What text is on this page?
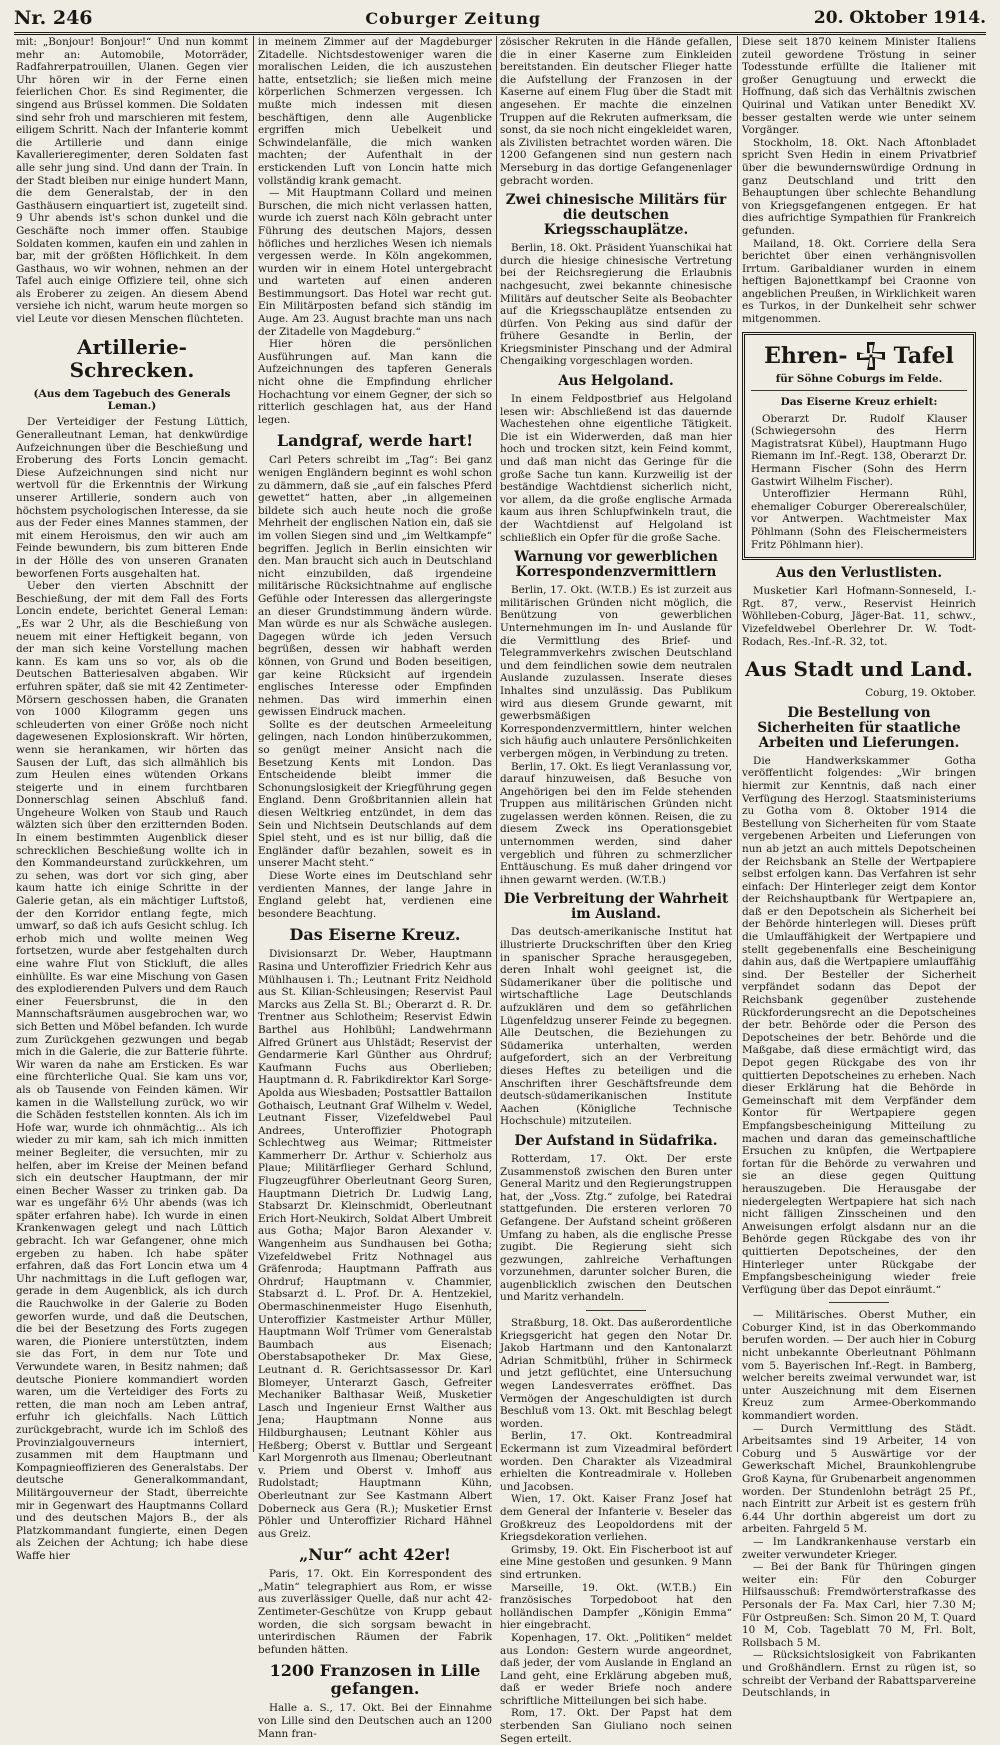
Nr. 246	Coburger Zeitung	20. Oktober 1914.

mit: „Bonjour! Bonjour!“ Und nun kommt mehr an: Automobile, Motorräder, Radfahrerpatrouillen, Ulanen. Gegen vier Uhr hören wir in der Ferne einen feierlichen Chor. Es sind Regimenter, die singend aus Brüssel kommen. Die Soldaten sind sehr froh und marschieren mit festem, eiligem Schritt. Nach der Infanterie kommt die Artillerie und dann einige Kavallerieregimenter, deren Soldaten fast alle sehr jung sind. Und dann der Train. In der Stadt bleiben nur einige hundert Mann, die dem Generalstab, der in den Gasthäusern einquartiert ist, zugeteilt sind. 9 Uhr abends ist's schon dunkel und die Geschäfte noch immer offen. Staubige Soldaten kommen, kaufen ein und zahlen in bar, mit der größten Höflichkeit. In dem Gasthaus, wo wir wohnen, nehmen an der Tafel auch einige Offiziere teil, ohne sich als Eroberer zu zeigen. An diesem Abend versiehe ich nicht, warum heute morgen so viel Leute vor diesen Menschen flüchteten.

Artillerie-Schrecken.
(Aus dem Tagebuch des Generals Leman.)

Der Verteidiger der Festung Lüttich, Generalleutnant Leman, hat denkwürdige Aufzeichnungen über die Beschießung und Eroberung des Forts Loncin gemacht. Diese Aufzeichnungen sind nicht nur wertvoll für die Erkenntnis der Wirkung unserer Artillerie, sondern auch von höchstem psychologischen Interesse, da sie aus der Feder eines Mannes stammen, der mit einem Heroismus, den wir auch am Feinde bewundern, bis zum bitteren Ende in der Hölle des von unseren Granaten beworfenen Forts ausgehalten hat.

Ueber den vierten Abschnitt der Beschießung, der mit dem Fall des Forts Loncin endete, berichtet General Leman: „Es war 2 Uhr, als die Beschießung von neuem mit einer Heftigkeit begann, von der man sich keine Vorstellung machen kann. Es kam uns so vor, als ob die Deutschen Batteriesalven abgaben. Wir erfuhren später, daß sie mit 42 Zentimeter-Mörsern geschossen haben, die Granaten von 1000 Kilogramm gegen uns schleuderten von einer Größe noch nicht dagewesenen Explosionskraft. Wir hörten, wenn sie herankamen, wir hörten das Sausen der Luft, das sich allmählich bis zum Heulen eines wütenden Orkans steigerte und in einem furchtbaren Donnerschlag seinen Abschluß fand. Ungeheure Wolken von Staub und Rauch wälzten sich über den erzitternden Boden. In einem bestimmten Augenblick dieser schrecklichen Beschießung wollte ich in den Kommandeurstand zurückkehren, um zu sehen, was dort vor sich ging, aber kaum hatte ich einige Schritte in der Galerie getan, als ein mächtiger Luftstoß, der den Korridor entlang fegte, mich umwarf, so daß ich aufs Gesicht schlug. Ich erhob mich und wollte meinen Weg fortsetzen, wurde aber festgehalten durch eine wahre Flut von Stickluft, die alles einhüllte. Es war eine Mischung von Gasen des explodierenden Pulvers und dem Rauch einer Feuersbrunst, die in den Mannschaftsräumen ausgebrochen war, wo sich Betten und Möbel befanden. Ich wurde zum Zurückgehen gezwungen und begab mich in die Galerie, die zur Batterie führte. Wir waren da nahe am Ersticken. Es war eine fürchterliche Qual. Sie kam uns vor, als ob Tausende von Feinden kämen. Wir kamen in die Wallstellung zurück, wo wir die Schäden feststellen konnten. Als ich im Hofe war, wurde ich ohnmächtig... Als ich wieder zu mir kam, sah ich mich inmitten meiner Begleiter, die versuchten, mir zu helfen, aber im Kreise der Meinen befand sich ein deutscher Hauptmann, der mir einen Becher Wasser zu trinken gab. Da war es ungefähr 6½ Uhr abends (was ich später erfahren habe). Ich wurde in einen Krankenwagen gelegt und nach Lüttich gebracht. Ich war Gefangener, ohne mich ergeben zu haben. Ich habe später erfahren, daß das Fort Loncin etwa um 4 Uhr nachmittags in die Luft geflogen war, gerade in dem Augenblick, als ich durch die Rauchwolke in der Galerie zu Boden geworfen wurde, und daß die Deutschen, die bei der Besetzung des Forts zugegen waren, die Pioniere unterstützten, indem sie das Fort, in dem nur Tote und Verwundete waren, in Besitz nahmen; daß deutsche Pioniere kommandiert worden waren, um die Verteidiger des Forts zu retten, die man noch am Leben antraf, erfuhr ich gleichfalls. Nach Lüttich zurückgebracht, wurde ich im Schloß des Provinzialgouverneurs interniert, zusammen mit dem Hauptmann und Kompagnieoffizieren des Generalstabs. Der deutsche Generalkommandant, Militärgouverneur der Stadt, überreichte mir in Gegenwart des Hauptmanns Collard und des deutschen Majors B., der als Platzkommandant fungierte, einen Degen als Zeichen der Achtung; ich habe diese Waffe hier

in meinem Zimmer auf der Magdeburger Zitadelle. Nichtsdestoweniger waren die moralischen Leiden, die ich auszustehen hatte, entsetzlich; sie ließen mich meine körperlichen Schmerzen vergessen. Ich mußte mich indessen mit diesen beschäftigen, denn alle Augenblicke ergriffen mich Uebelkeit und Schwindelanfälle, die mich wanken machten; der Aufenthalt in der erstickenden Luft von Loncin hatte mich vollständig krank gemacht.

— Mit Hauptmann Collard und meinen Burschen, die mich nicht verlassen hatten, wurde ich zuerst nach Köln gebracht unter Führung des deutschen Majors, dessen höfliches und herzliches Wesen ich niemals vergessen werde. In Köln angekommen, wurden wir in einem Hotel untergebracht und warteten auf einen anderen Bestimmungsort. Das Hotel war recht gut. Ein Militärposten befand sich ständig im Auge. Am 23. August brachte man uns nach der Zitadelle von Magdeburg.“

Hier hören die persönlichen Ausführungen auf. Man kann die Aufzeichnungen des tapferen Generals nicht ohne die Empfindung ehrlicher Hochachtung vor einem Gegner, der sich so ritterlich geschlagen hat, aus der Hand legen.

Landgraf, werde hart!

Carl Peters schreibt im „Tag“: Bei ganz wenigen Engländern beginnt es wohl schon zu dämmern, daß sie „auf ein falsches Pferd gewettet“ hatten, aber „in allgemeinen bildete sich auch heute noch die große Mehrheit der englischen Nation ein, daß sie im vollen Siegen sind und „im Weltkampfe“ begriffen. Jeglich in Berlin einsichten wir den. Man braucht sich auch in Deutschland nicht einzubilden, daß irgendeine militärische Rücksichtnahme auf englische Gefühle oder Interessen das allergeringste an dieser Grundstimmung ändern würde. Man würde es nur als Schwäche auslegen. Dagegen würde ich jeden Versuch begrüßen, dessen wir habhaft werden können, von Grund und Boden beseitigen, gar keine Rücksicht auf irgendein englisches Interesse oder Empfinden nehmen. Das wird immerhin einen gewissen Eindruck machen.

Sollte es der deutschen Armeeleitung gelingen, nach London hinüberzukommen, so genügt meiner Ansicht nach die Besetzung Kents mit London. Das Entscheidende bleibt immer die Schonungslosigkeit der Kriegführung gegen England. Denn Großbritannien allein hat diesen Weltkrieg entzündet, in dem das Sein und Nichtsein Deutschlands auf dem Spiel steht, und es ist nur billig, daß die Engländer dafür bezahlen, soweit es in unserer Macht steht.“

Diese Worte eines im Deutschland sehr verdienten Mannes, der lange Jahre in England gelebt hat, verdienen eine besondere Beachtung.

Das Eiserne Kreuz.

Divisionsarzt Dr. Weber, Hauptmann Rasina und Unteroffizier Friedrich Kehr aus Mühlhausen i. Th.; Leutnant Fritz Neidhold aus St. Kilian-Schleusingen; Reservist Paul Marcks aus Zella St. Bl.; Oberarzt d. R. Dr. Trentner aus Schlotheim; Reservist Edwin Barthel aus Hohlbühl; Landwehrmann Alfred Grünert aus Uhlstädt; Reservist der Gendarmerie Karl Günther aus Ohrdruf; Kaufmann Fuchs aus Oberlieben; Hauptmann d. R. Fabrikdirektor Karl Sorge-Apolda aus Wiesbaden; Postsattler Battailon Gothaisch, Leutnant Graf Wilhelm v. Wedel, Leutnant Fisser, Vizefeldwebel Paul Andrees, Unteroffizier Photograph Schlechtweg aus Weimar; Rittmeister Kammerherr Dr. Arthur v. Schierholz aus Plaue; Militärflieger Gerhard Schlund, Flugzeugführer Oberleutnant Georg Suren, Hauptmann Dietrich Dr. Ludwig Lang, Stabsarzt Dr. Kleinschmidt, Oberleutnant Erich Hort-Neukirch, Soldat Albert Umbreit aus Gotha; Major Baron Alexander v. Wangenheim aus Sundhausen bei Gotha; Vizefeldwebel Fritz Nothnagel aus Gräfenroda; Hauptmann Paffrath aus Ohrdruf; Hauptmann v. Chammier, Stabsarzt d. L. Prof. Dr. A. Hentzekiel, Obermaschinenmeister Hugo Eisenhuth, Unteroffizier Kastmeister Arthur Müller, Hauptmann Wolf Trümer vom Generalstab Baumbach aus Eisenach; Oberstabsapotheker Dr. Max Giese, Leutnant d. R. Gerichtsassessor Dr. Karl Blomeyer, Unterarzt Gasch, Gefreiter Mechaniker Balthasar Weiß, Musketier Lasch und Ingenieur Ernst Walther aus Jena; Hauptmann Nonne aus Hildburghausen; Leutnant Köhler aus Heßberg; Oberst v. Buttlar und Sergeant Karl Morgenroth aus Ilmenau; Oberleutnant v. Priem und Oberst v. Imhoff aus Rudolstadt; Hauptmann Kühn, Oberleutnant zur See Kastmann Albert Doberneck aus Gera (R.); Musketier Ernst Pöhler und Unteroffizier Richard Hähnel aus Greiz.

„Nur“ acht 42er!

Paris, 17. Okt. Ein Korrespondent des „Matin“ telegraphiert aus Rom, er wisse aus zuverlässiger Quelle, daß nur acht 42-Zentimeter-Geschütze von Krupp gebaut worden, die sich sorgsam bewacht in unterirdischen Räumen der Fabrik befunden hätten.

1200 Franzosen in Lille gefangen.

Halle a. S., 17. Okt. Bei der Einnahme von Lille sind den Deutschen auch an 1200 Mann fran-

zösischer Rekruten in die Hände gefallen, die in einer Kaserne zum Einkleiden bereitstanden. Ein deutscher Flieger hatte die Aufstellung der Franzosen in der Kaserne auf einem Flug über die Stadt mit angesehen. Er machte die einzelnen Truppen auf die Rekruten aufmerksam, die sonst, da sie noch nicht eingekleidet waren, als Zivilisten betrachtet worden wären. Die 1200 Gefangenen sind nun gestern nach Merseburg in das dortige Gefangenenlager gebracht worden.

Zwei chinesische Militärs für die deutschen Kriegsschauplätze.

Berlin, 18. Okt. Präsident Yuanschikai hat durch die hiesige chinesische Vertretung bei der Reichsregierung die Erlaubnis nachgesucht, zwei bekannte chinesische Militärs auf deutscher Seite als Beobachter auf die Kriegsschauplätze entsenden zu dürfen. Von Peking aus sind dafür der frühere Gesandte in Berlin, der Kriegsminister Pinschang und der Admiral Chengaiking vorgeschlagen worden.

Aus Helgoland.

In einem Feldpostbrief aus Helgoland lesen wir: Abschließend ist das dauernde Wachestehen ohne eigentliche Tätigkeit. Die ist ein Widerwerden, daß man hier hoch und trocken sitzt, kein Feind kommt, und daß man nicht das Geringe für die große Sache tun kann. Kurzweilig ist der beständige Wachtdienst sicherlich nicht, vor allem, da die große englische Armada kaum aus ihren Schlupfwinkeln traut, die der Wachtdienst auf Helgoland ist schließlich ein Opfer für die große Sache.

Warnung vor gewerblichen Korrespondenzvermittlern

Berlin, 17. Okt. (W.T.B.) Es ist zurzeit aus militärischen Gründen nicht möglich, die Benützung von gewerblichen Unternehmungen im In- und Auslande für die Vermittlung des Brief- und Telegrammverkehrs zwischen Deutschland und dem feindlichen sowie dem neutralen Auslande zuzulassen. Inserate dieses Inhaltes sind unzulässig. Das Publikum wird aus diesem Grunde gewarnt, mit gewerbsmäßigen Korrespondenzvermittlern, hinter welchen sich häufig auch unlautere Persönlichkeiten verbergen mögen, in Verbindung zu treten.

Berlin, 17. Okt. Es liegt Veranlassung vor, darauf hinzuweisen, daß Besuche von Angehörigen bei den im Felde stehenden Truppen aus militärischen Gründen nicht zugelassen werden können. Reisen, die zu diesem Zweck ins Operationsgebiet unternommen werden, sind daher vergeblich und führen zu schmerzlicher Enttäuschung. Es muß daher dringend vor ihnen gewarnt werden. (W.T.B.)

Die Verbreitung der Wahrheit im Ausland.

Das deutsch-amerikanische Institut hat illustrierte Druckschriften über den Krieg in spanischer Sprache herausgegeben, deren Inhalt wohl geeignet ist, die Südamerikaner über die politische und wirtschaftliche Lage Deutschlands aufzuklären und dem so gefährlichen Lügenfeldzug unserer Feinde zu begegnen. Alle Deutschen, die Beziehungen zu Südamerika unterhalten, werden aufgefordert, sich an der Verbreitung dieses Heftes zu beteiligen und die Anschriften ihrer Geschäftsfreunde dem deutsch-südamerikanischen Institute Aachen (Königliche Technische Hochschule) mitzuteilen.

Der Aufstand in Südafrika.

Rotterdam, 17. Okt. Der erste Zusammenstoß zwischen den Buren unter General Maritz und den Regierungstruppen hat, der „Voss. Ztg.“ zufolge, bei Ratedrai stattgefunden. Die ersteren verloren 70 Gefangene. Der Aufstand scheint größeren Umfang zu haben, als die englische Presse zugibt. Die Regierung sieht sich gezwungen, zahlreiche Verhaftungen vorzunehmen, darunter solcher Buren, die augenblicklich zwischen den Deutschen und Maritz verhandeln.

Straßburg, 18. Okt. Das außerordentliche Kriegsgericht hat gegen den Notar Dr. Jakob Hartmann und den Kantonalarzt Adrian Schmitbühl, früher in Schirmeck und jetzt geflüchtet, eine Untersuchung wegen Landesverrates eröffnet. Das Vermögen der Angeschuldigten ist durch Beschluß vom 13. Okt. mit Beschlag belegt worden.

Berlin, 17. Okt. Kontreadmiral Eckermann ist zum Vizeadmiral befördert worden. Den Charakter als Vizeadmiral erhielten die Kontreadmirale v. Holleben und Jacobsen.

Wien, 17. Okt. Kaiser Franz Josef hat dem General der Infanterie v. Beseler das Großkreuz des Leopoldordens mit der Kriegsdekoration verliehen.

Grimsby, 19. Okt. Ein Fischerboot ist auf eine Mine gestoßen und gesunken. 9 Mann sind ertrunken.

Marseille, 19. Okt. (W.T.B.) Ein französisches Torpedoboot hat den holländischen Dampfer „Königin Emma“ hier eingebracht.

Kopenhagen, 17. Okt. „Politiken“ meldet aus London: Gestern wurde angeordnet, daß jeder, der vom Auslande in England an Land geht, eine Erklärung abgeben muß, daß er weder Briefe noch andere schriftliche Mitteilungen bei sich habe.

Rom, 17. Okt. Der Papst hat dem sterbenden San Giuliano noch seinen Segen erteilt.

Diese seit 1870 keinem Minister Italiens zuteil gewordene Tröstung in seiner Todesstunde erfüllte die Italiener mit großer Genugtuung und erweckt die Hoffnung, daß sich das Verhältnis zwischen Quirinal und Vatikan unter Benedikt XV. besser gestalten werde wie unter seinem Vorgänger.

Stockholm, 18. Okt. Nach Aftonbladet spricht Sven Hedin in einem Privatbrief über die bewundernswürdige Ordnung in ganz Deutschland und tritt den Behauptungen über schlechte Behandlung von Kriegsgefangenen entgegen. Er hat dies aufrichtige Sympathien für Frankreich gefunden.

Mailand, 18. Okt. Corriere della Sera berichtet über einen verhängnisvollen Irrtum. Garibaldianer wurden in einem heftigen Bajonettkampf bei Craonne von angeblichen Preußen, in Wirklichkeit waren es Turkos, in der Dunkelheit sehr schwer mitgenommen.

Ehren- Tafel
für Söhne Coburgs im Felde.
Das Eiserne Kreuz erhielt:

Oberarzt Dr. Rudolf Klauser (Schwiegersohn des Herrn Magistratsrat Kübel), Hauptmann Hugo Riemann im Inf.-Regt. 138, Oberarzt Dr. Hermann Fischer (Sohn des Herrn Gastwirt Wilhelm Fischer).

Unteroffizier Hermann Rühl, ehemaliger Coburger Obererealschüler, vor Antwerpen. Wachtmeister Max Pöhlmann (Sohn des Fleischermeisters Fritz Pöhlmann hier).

Aus den Verlustlisten.

Musketier Karl Hofmann-Sonneseld, I.-Rgt. 87, verw., Reservist Heinrich Wöhlleben-Coburg, Jäger-Bat. 11, schwv., Vizefeldwebel Oberlehrer Dr. W. Todt-Rodach, Res.-Inf.-R. 32, tot.

Aus Stadt und Land.
Coburg, 19. Oktober.
Die Bestellung von Sicherheiten für staatliche Arbeiten und Lieferungen.

Die Handwerkskammer Gotha veröffentlicht folgendes: „Wir bringen hiermit zur Kenntnis, daß nach einer Verfügung des Herzogl. Staatsministeriums zu Gotha vom 8. Oktober 1914 die Bestellung von Sicherheiten für vom Staate vergebenen Arbeiten und Lieferungen von nun ab jetzt an auch mittels Depotscheinen der Reichsbank an Stelle der Wertpapiere selbst erfolgen kann. Das Verfahren ist sehr einfach: Der Hinterleger zeigt dem Kontor der Reichshauptbank für Wertpapiere an, daß er den Depotschein als Sicherheit bei der Behörde hinterlegen will. Dieses prüft die Umlauffähigkeit der Wertpapiere und stellt gegebenenfalls eine Bescheinigung dahin aus, daß die Wertpapiere umlauffähig sind. Der Besteller der Sicherheit verpfändet sodann das Depot der Reichsbank gegenüber zustehende Rückforderungsrecht an die Depotscheines der betr. Behörde oder die Person des Depotscheines der betr. Behörde und die Maßgabe, daß diese ermächtigt wird, das Depot gegen Rückgabe des von ihr quittierten Depotscheines zu erheben. Nach dieser Erklärung hat die Behörde in Gemeinschaft mit dem Verpfänder dem Kontor für Wertpapiere gegen Empfangsbescheinigung Mitteilung zu machen und daran das gemeinschaftliche Ersuchen zu knüpfen, die Wertpapiere fortan für die Behörde zu verwahren und sie an diese gegen Quittung herauszugeben. Die Herausgabe der niedergelegten Wertpapiere hat sich nach nicht fälligen Zinsscheinen und den Anweisungen erfolgt alsdann nur an die Behörde gegen Rückgabe des von ihr quittierten Depotscheines, der den Hinterleger unter Rückgabe der Empfangsbescheinigung wieder freie Verfügung über das Depot einräumt.“

— Militärisches. Oberst Muther, ein Coburger Kind, ist in das Oberkommando berufen worden. — Der auch hier in Coburg nicht unbekannte Oberleutnant Pöhlmann vom 5. Bayerischen Inf.-Regt. in Bamberg, welcher bereits zweimal verwundet war, ist unter Auszeichnung mit dem Eisernen Kreuz zum Armee-Oberkommando kommandiert worden.

— Durch Vermittlung des Städt. Arbeitsamtes sind 19 Arbeiter, 14 von Coburg und 5 Auswärtige vor der Gewerkschaft Michel, Braunkohlengrube Groß Kayna, für Grubenarbeit angenommen worden. Der Stundenlohn beträgt 25 Pf., nach Eintritt zur Arbeit ist es gestern früh 6.44 Uhr dorthin abgereist um dort zu arbeiten. Fahrgeld 5 M.

— Im Landkrankenhause verstarb ein zweiter verwundeter Krieger.

— Bei der Bank für Thüringen gingen weiter ein: Für den Coburger Hilfsausschuß: Fremdwörterstrafkasse des Personals der Fa. Max Carl, hier 7.30 M; Für Ostpreußen: Sch. Simon 20 M, T. Quard 10 M, Cob. Tageblatt 70 M, Frl. Bolt, Rollsbach 5 M.

— Rücksichtslosigkeit von Fabrikanten und Großhändlern. Ernst zu rügen ist, so schreibt der Verband der Rabattsparvereine Deutschlands, in
